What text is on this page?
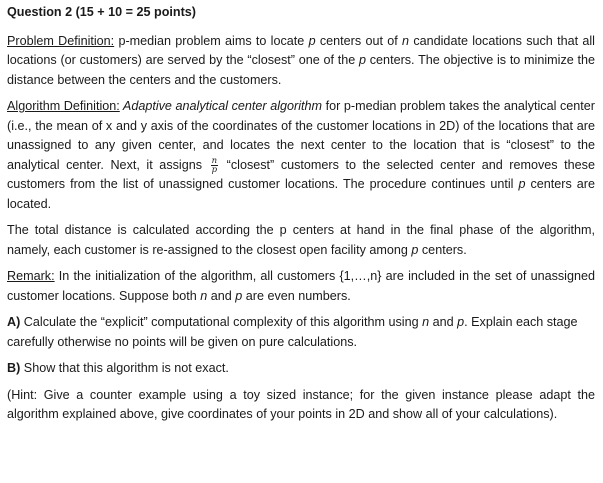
Question 2 (15 + 10 = 25 points)

Problem Definition: p-median problem aims to locate p centers out of n candidate locations such that all locations (or customers) are served by the “closest” one of the p centers. The objective is to minimize the distance between the centers and the customers.

Algorithm Definition: Adaptive analytical center algorithm for p-median problem takes the analytical center (i.e., the mean of x and y axis of the coordinates of the customer locations in 2D) of the locations that are unassigned to any given center, and locates the next center to the location that is “closest” to the analytical center. Next, it assigns $\frac{n}{p}$ “closest” customers to the selected center and removes these customers from the list of unassigned customer locations. The procedure continues until p centers are located.

The total distance is calculated according the p centers at hand in the final phase of the algorithm, namely, each customer is re-assigned to the closest open facility among p centers.

Remark: In the initialization of the algorithm, all customers {1,…,n} are included in the set of unassigned customer locations. Suppose both n and p are even numbers.

A) Calculate the “explicit” computational complexity of this algorithm using n and p. Explain each stage carefully otherwise no points will be given on pure calculations.

B) Show that this algorithm is not exact.

(Hint: Give a counter example using a toy sized instance; for the given instance please adapt the algorithm explained above, give coordinates of your points in 2D and show all of your calculations).
